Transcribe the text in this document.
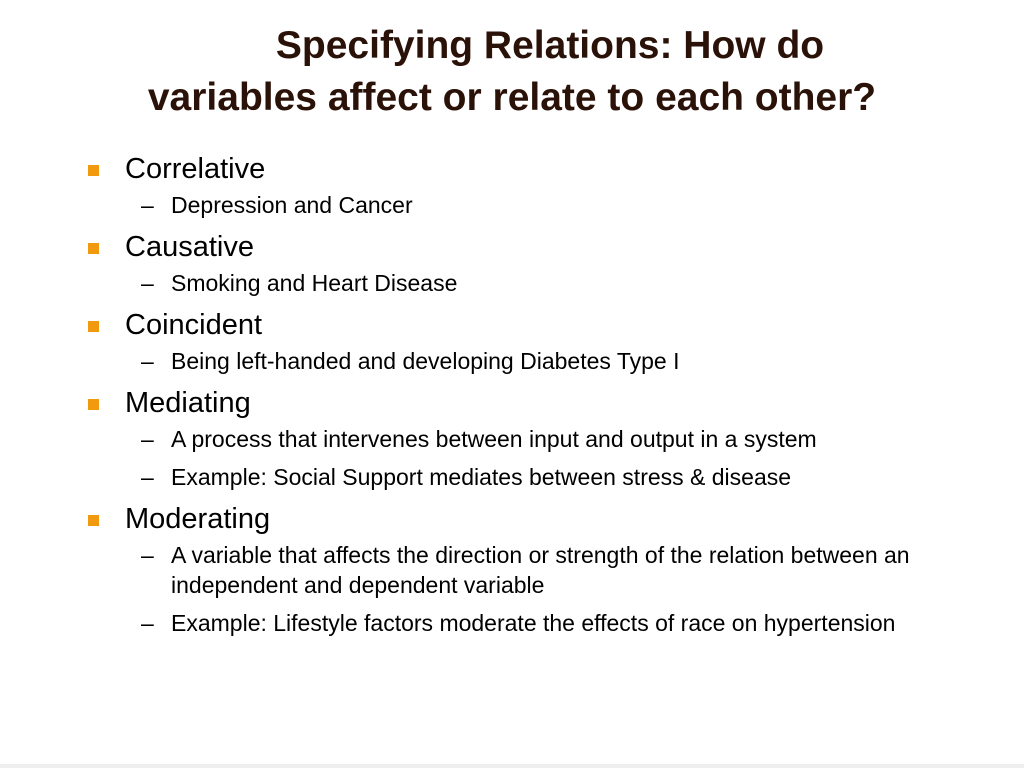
Specifying Relations: How do
variables affect or relate to each other?
Correlative
– Depression and Cancer
Causative
– Smoking and Heart Disease
Coincident
– Being left-handed and developing Diabetes Type I
Mediating
– A process that intervenes between input and output in a system
– Example: Social Support mediates between stress & disease
Moderating
– A variable that affects the direction or strength of the relation between an independent and dependent variable
– Example: Lifestyle factors moderate the effects of race on hypertension
